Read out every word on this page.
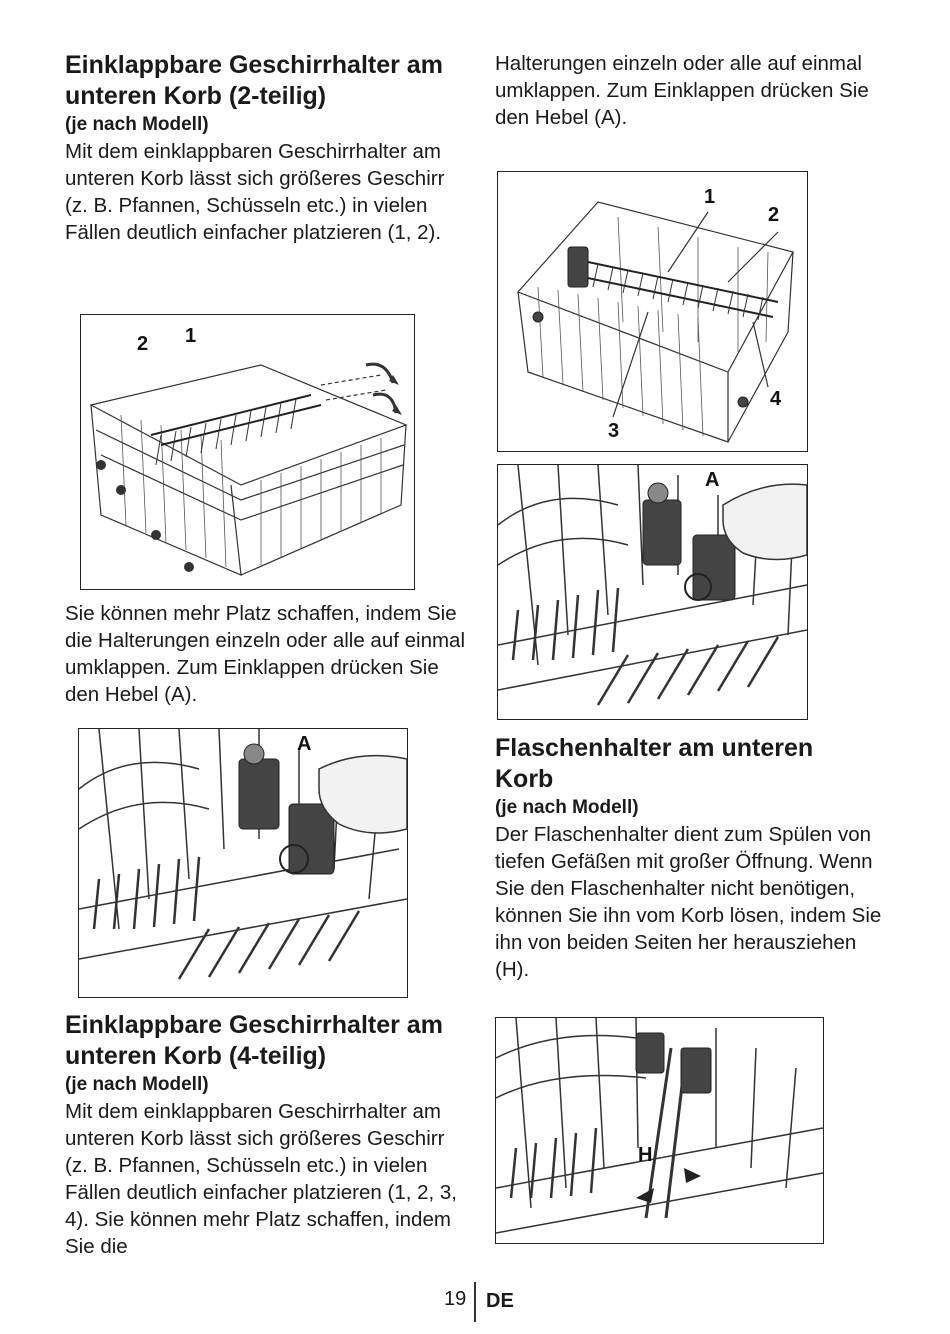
Einklappbare Geschirrhalter am unteren Korb (2-teilig)
(je nach Modell)

Mit dem einklappbaren Geschirrhalter am unteren Korb lässt sich größeres Geschirr (z. B. Pfannen, Schüsseln etc.) in vielen Fällen deutlich einfacher platzieren (1, 2).

2 1

Sie können mehr Platz schaffen, indem Sie die Halterungen einzeln oder alle auf einmal umklappen. Zum Einklappen drücken Sie den Hebel (A).

A
Einklappbare Geschirrhalter am unteren Korb (4-teilig)
(je nach Modell)

Mit dem einklappbaren Geschirrhalter am unteren Korb lässt sich größeres Geschirr (z. B. Pfannen, Schüsseln etc.) in vielen Fällen deutlich einfacher platzieren (1, 2, 3, 4). Sie können mehr Platz schaffen, indem Sie die

Halterungen einzeln oder alle auf einmal umklappen. Zum Einklappen drücken Sie den Hebel (A).

1
2
3
4
A
Flaschenhalter am unteren Korb
(je nach Modell)

Der Flaschenhalter dient zum Spülen von tiefen Gefäßen mit großer Öffnung. Wenn Sie den Flaschenhalter nicht benötigen, können Sie ihn vom Korb lösen, indem Sie ihn von beiden Seiten her herausziehen (H).

H
19 DE
